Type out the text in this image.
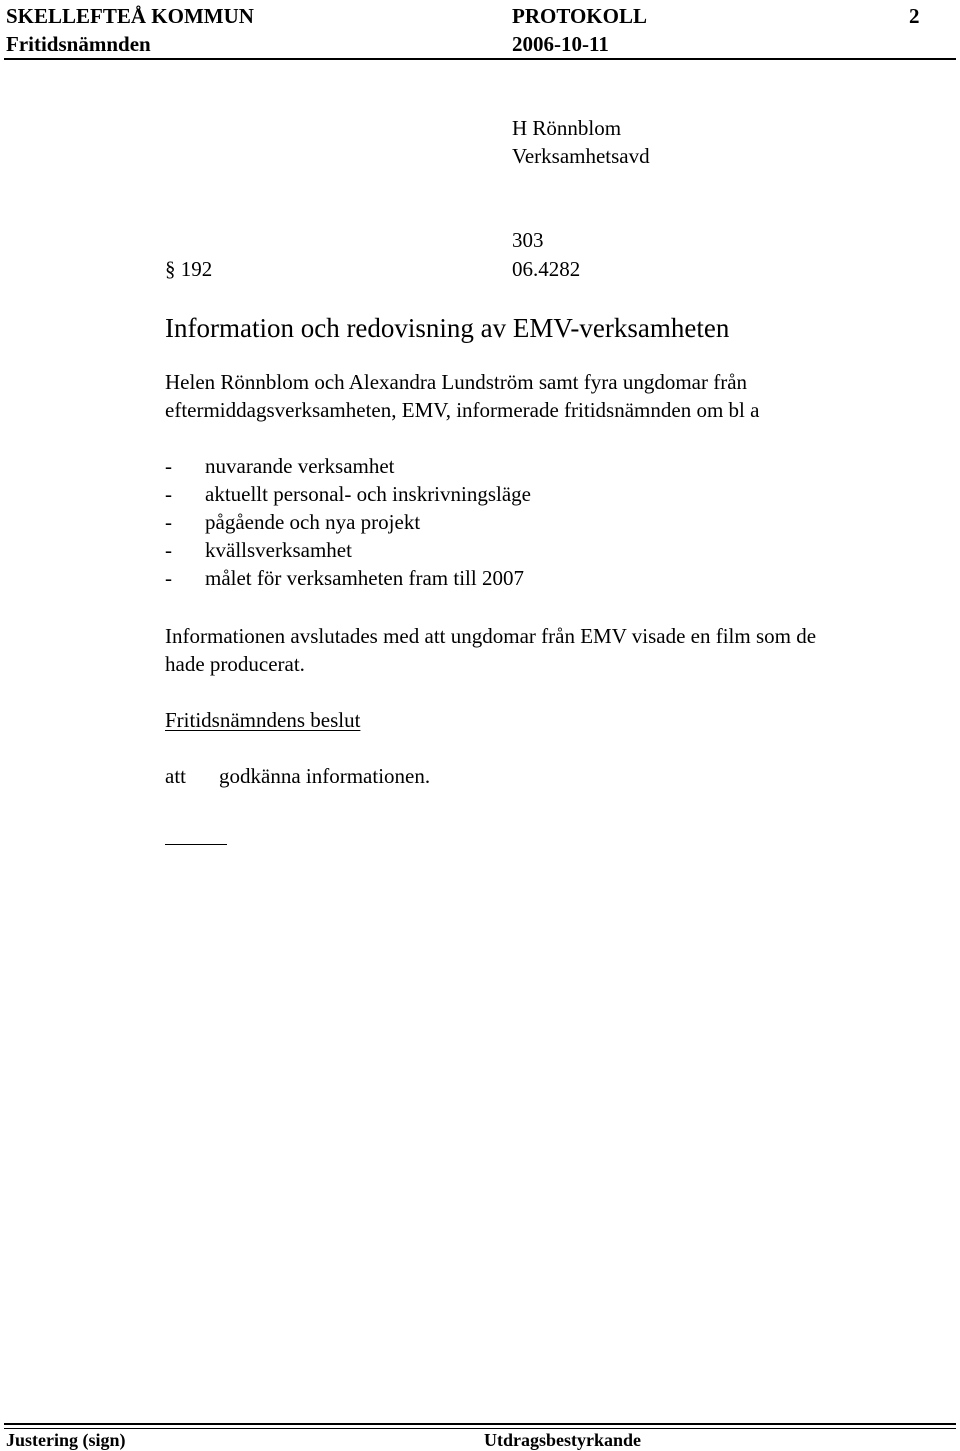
SKELLEFTEÅ KOMMUN	PROTOKOLL	2
Fritidsnämnden	2006-10-11
H Rönnblom
Verksamhetsavd
303
§ 192	06.4282
Information och redovisning av EMV-verksamheten
Helen Rönnblom och Alexandra Lundström samt fyra ungdomar från
eftermiddagsverksamheten, EMV, informerade fritidsnämnden om bl a
- nuvarande verksamhet
- aktuellt personal- och inskrivningsläge
- pågående och nya projekt
- kvällsverksamhet
- målet för verksamheten fram till 2007
Informationen avslutades med att ungdomar från EMV visade en film som de
hade producerat.
Fritidsnämndens beslut
att godkänna informationen.
Justering (sign)	Utdragsbestyrkande
